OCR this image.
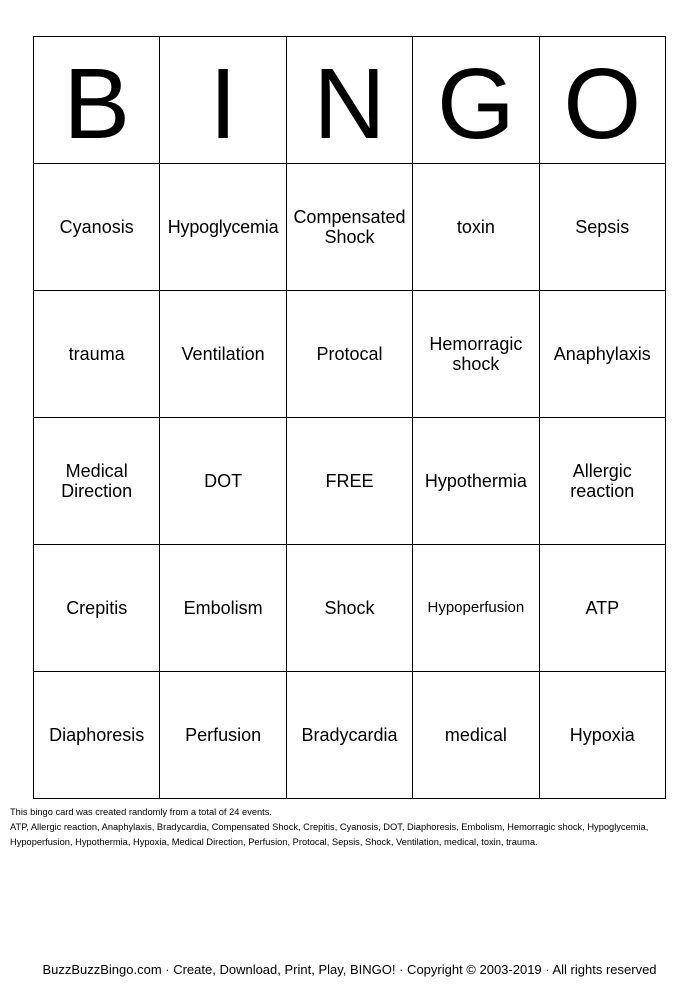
B	I	N	G	O
Cyanosis	Hypoglycemia	Compensated Shock	toxin	Sepsis
trauma	Ventilation	Protocal	Hemorragic shock	Anaphylaxis
Medical Direction	DOT	FREE	Hypothermia	Allergic reaction
Crepitis	Embolism	Shock	Hypoperfusion	ATP
Diaphoresis	Perfusion	Bradycardia	medical	Hypoxia
This bingo card was created randomly from a total of 24 events.
ATP, Allergic reaction, Anaphylaxis, Bradycardia, Compensated Shock, Crepitis, Cyanosis, DOT, Diaphoresis, Embolism, Hemorragic shock, Hypoglycemia, Hypoperfusion, Hypothermia, Hypoxia, Medical Direction, Perfusion, Protocal, Sepsis, Shock, Ventilation, medical, toxin, trauma.
BuzzBuzzBingo.com · Create, Download, Print, Play, BINGO! · Copyright © 2003-2019 · All rights reserved
